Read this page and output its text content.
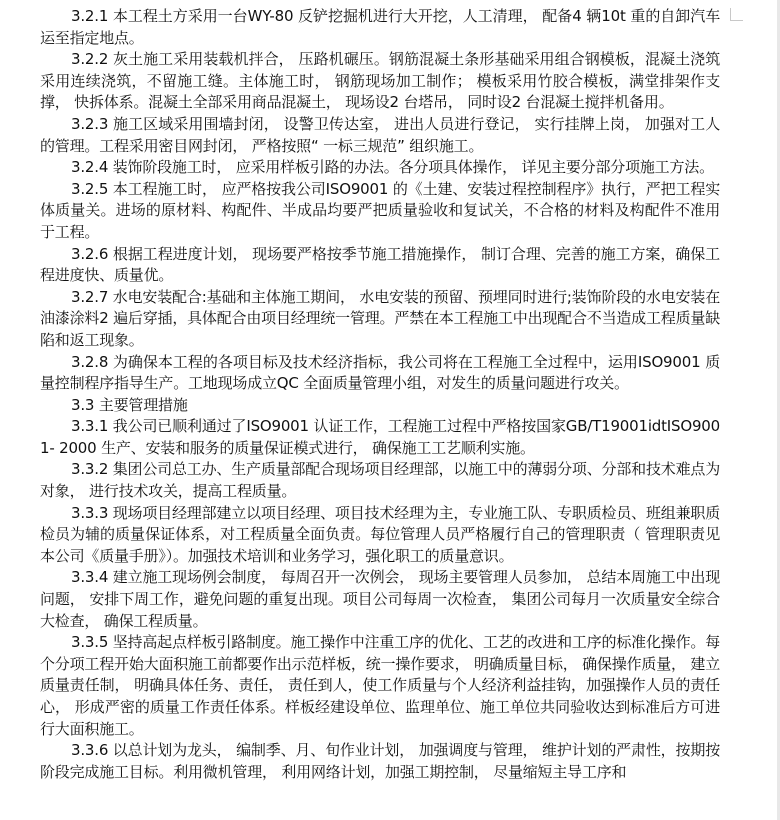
3.2.1 本工程土方采用一台WY-80 反铲挖掘机进行大开挖，人工清理， 配备4 辆10t 重的自卸汽车运至指定地点。

3.2.2 灰土施工采用装载机拌合， 压路机碾压。钢筋混凝土条形基础采用组合钢模板，混凝土浇筑采用连续浇筑，不留施工缝。主体施工时， 钢筋现场加工制作； 模板采用竹胶合模板，满堂排架作支撑， 快拆体系。混凝土全部采用商品混凝土， 现场设2 台塔吊， 同时设2 台混凝土搅拌机备用。

3.2.3 施工区域采用围墙封闭， 设警卫传达室， 进出人员进行登记， 实行挂牌上岗， 加强对工人的管理。工程采用密目网封闭， 严格按照“ 一标三规范” 组织施工。

3.2.4 装饰阶段施工时， 应采用样板引路的办法。各分项具体操作， 详见主要分部分项施工方法。

3.2.5 本工程施工时， 应严格按我公司ISO9001 的《土建、安装过程控制程序》执行，严把工程实体质量关。进场的原材料、构配件、半成品均要严把质量验收和复试关，不合格的材料及构配件不准用于工程。

3.2.6 根据工程进度计划， 现场要严格按季节施工措施操作， 制订合理、完善的施工方案，确保工程进度快、质量优。

3.2.7 水电安装配合:基础和主体施工期间， 水电安装的预留、预埋同时进行;装饰阶段的水电安装在油漆涂料2 遍后穿插，具体配合由项目经理统一管理。严禁在本工程施工中出现配合不当造成工程质量缺陷和返工现象。

3.2.8 为确保本工程的各项目标及技术经济指标，我公司将在工程施工全过程中，运用ISO9001 质量控制程序指导生产。工地现场成立QC 全面质量管理小组，对发生的质量问题进行攻关。

3.3 主要管理措施

3.3.1 我公司已顺利通过了ISO9001 认证工作，工程施工过程中严格按国家GB/T19001idtISO9001- 2000 生产、安装和服务的质量保证模式进行， 确保施工工艺顺利实施。

3.3.2 集团公司总工办、生产质量部配合现场项目经理部，以施工中的薄弱分项、分部和技术难点为对象， 进行技术攻关，提高工程质量。

3.3.3 现场项目经理部建立以项目经理、项目技术经理为主，专业施工队、专职质检员、班组兼职质检员为辅的质量保证体系，对工程质量全面负责。每位管理人员严格履行自己的管理职责（ 管理职责见本公司《质量手册》）。加强技术培训和业务学习，强化职工的质量意识。

3.3.4 建立施工现场例会制度， 每周召开一次例会， 现场主要管理人员参加， 总结本周施工中出现问题， 安排下周工作，避免问题的重复出现。项目公司每周一次检查， 集团公司每月一次质量安全综合大检查， 确保工程质量。

3.3.5 坚持高起点样板引路制度。施工操作中注重工序的优化、工艺的改进和工序的标准化操作。每个分项工程开始大面积施工前都要作出示范样板，统一操作要求， 明确质量目标， 确保操作质量， 建立质量责任制， 明确具体任务、责任， 责任到人，使工作质量与个人经济利益挂钩，加强操作人员的责任心， 形成严密的质量工作责任体系。样板经建设单位、监理单位、施工单位共同验收达到标准后方可进行大面积施工。

3.3.6 以总计划为龙头， 编制季、月、旬作业计划， 加强调度与管理， 维护计划的严肃性，按期按阶段完成施工目标。利用微机管理， 利用网络计划，加强工期控制， 尽量缩短主导工序和
